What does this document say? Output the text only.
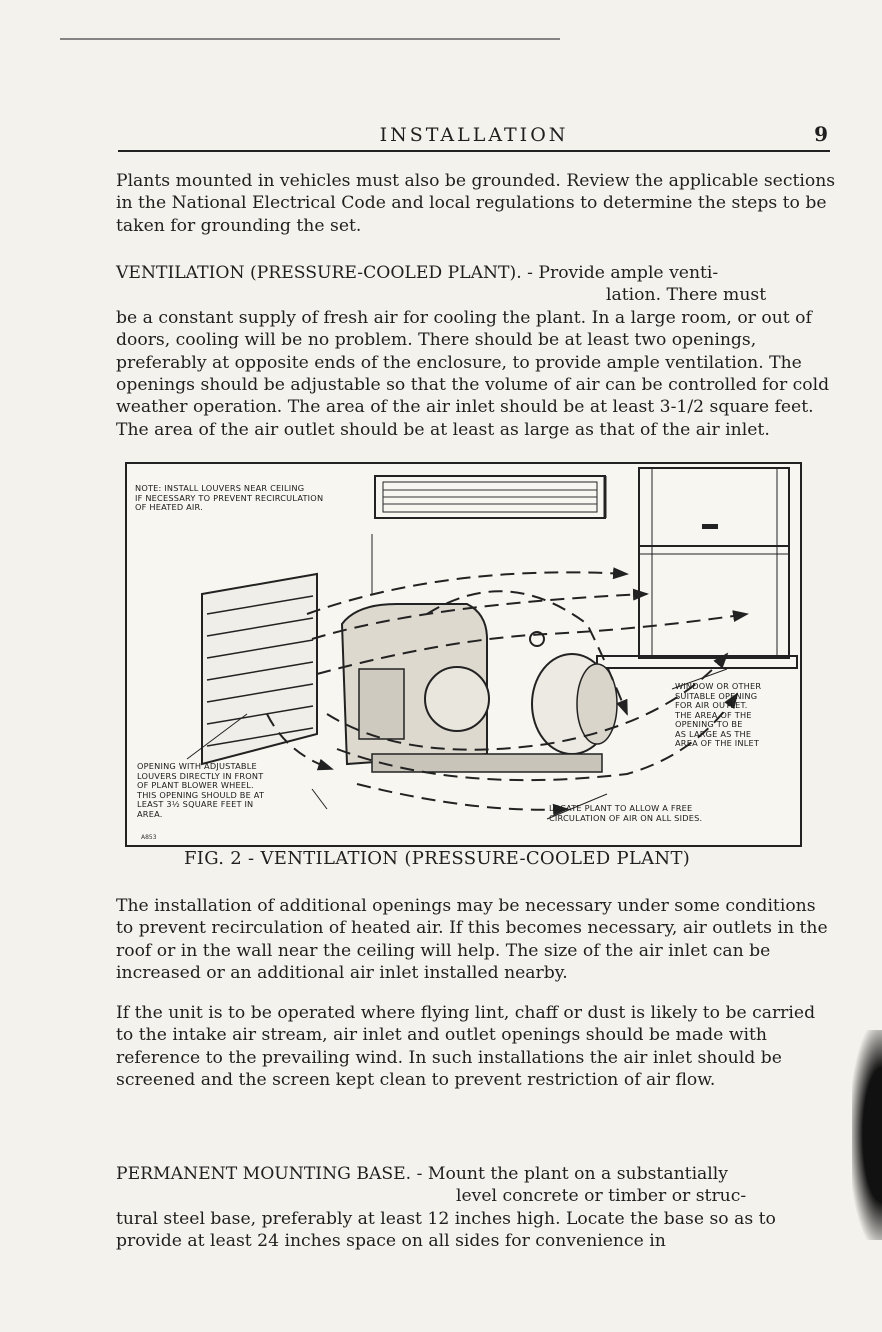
INSTALLATION	9

Plants mounted in vehicles must also be grounded. Review the applicable sections in the National Electrical Code and local regulations to determine the steps to be taken for grounding the set.

VENTILATION (PRESSURE-COOLED PLANT). - Provide ample venti-
lation. There must
be a constant supply of fresh air for cooling the plant. In a large room, or out of doors, cooling will be no problem. There should be at least two openings, preferably at opposite ends of the enclosure, to provide ample ventilation. The openings should be adjustable so that the volume of air can be controlled for cold weather operation. The area of the air inlet should be at least 3-1/2 square feet. The area of the air outlet should be at least as large as that of the air inlet.

NOTE: INSTALL LOUVERS NEAR CEILING
IF NECESSARY TO PREVENT RECIRCULATION
OF HEATED AIR.
WINDOW OR OTHER
SUITABLE OPENING
FOR AIR OUTLET.
THE AREA OF THE
OPENING TO BE
AS LARGE AS THE
AREA OF THE INLET
OPENING WITH ADJUSTABLE
LOUVERS DIRECTLY IN FRONT
OF PLANT BLOWER WHEEL.
THIS OPENING SHOULD BE AT
LEAST 3½ SQUARE FEET IN
AREA.
LOCATE PLANT TO ALLOW A FREE
CIRCULATION OF AIR ON ALL SIDES.
A853
FIG. 2 - VENTILATION (PRESSURE-COOLED PLANT)

The installation of additional openings may be necessary under some conditions to prevent recirculation of heated air. If this becomes necessary, air outlets in the roof or in the wall near the ceiling will help. The size of the air inlet can be increased or an additional air inlet installed nearby.

If the unit is to be operated where flying lint, chaff or dust is likely to be carried to the intake air stream, air inlet and outlet openings should be made with reference to the prevailing wind. In such installations the air inlet should be screened and the screen kept clean to prevent restriction of air flow.

PERMANENT MOUNTING BASE. - Mount the plant on a substantially
level concrete or timber or struc-
tural steel base, preferably at least 12 inches high. Locate the base so as to provide at least 24 inches space on all sides for convenience in
